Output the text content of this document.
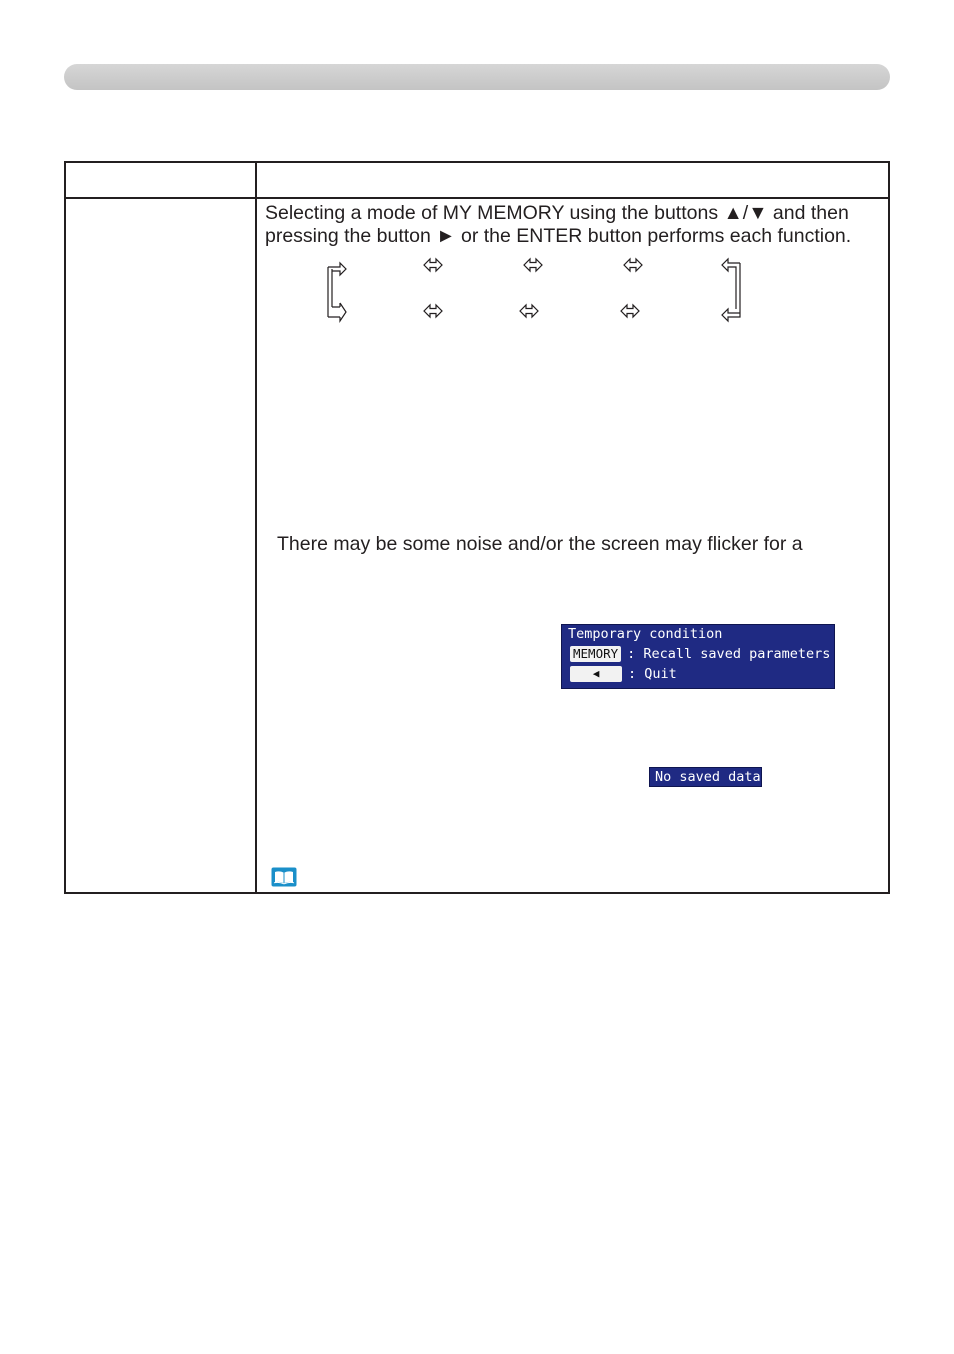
Selecting a mode of MY MEMORY using the buttons ▲/▼ and then
pressing the button ► or the ENTER button performs each function.
There may be some noise and/or the screen may flicker for a
Temporary condition
MEMORY : Recall saved parameters
◀ : Quit
No saved data
